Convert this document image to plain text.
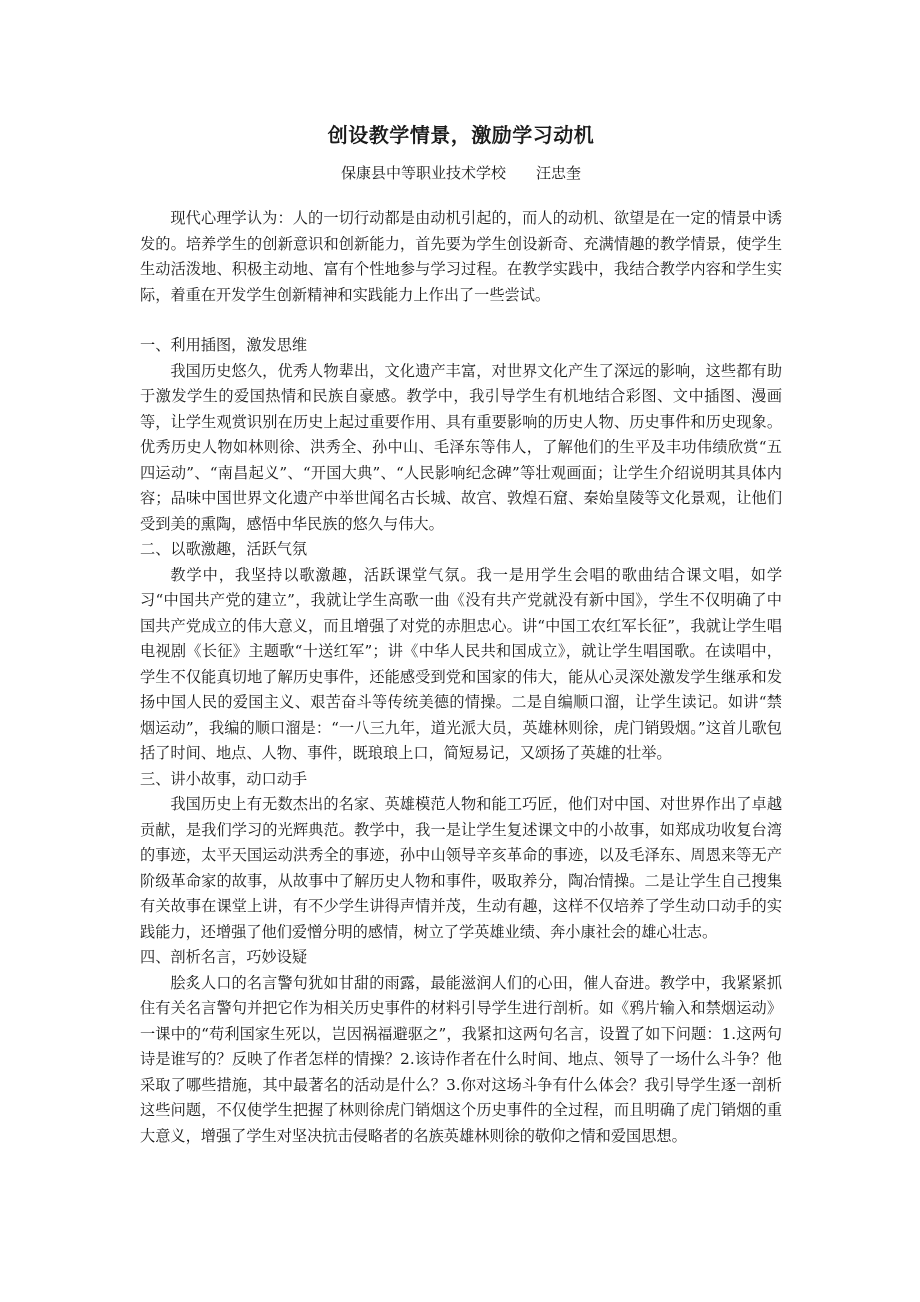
创设教学情景，激励学习动机
保康县中等职业技术学校 汪忠奎

现代心理学认为：人的一切行动都是由动机引起的，而人的动机、欲望是在一定的情景中诱发的。培养学生的创新意识和创新能力，首先要为学生创设新奇、充满情趣的教学情景，使学生生动活泼地、积极主动地、富有个性地参与学习过程。在教学实践中，我结合教学内容和学生实际，着重在开发学生创新精神和实践能力上作出了一些尝试。

一、利用插图，激发思维

我国历史悠久，优秀人物辈出，文化遗产丰富，对世界文化产生了深远的影响，这些都有助于激发学生的爱国热情和民族自豪感。教学中，我引导学生有机地结合彩图、文中插图、漫画等，让学生观赏识别在历史上起过重要作用、具有重要影响的历史人物、历史事件和历史现象。优秀历史人物如林则徐、洪秀全、孙中山、毛泽东等伟人，了解他们的生平及丰功伟绩欣赏“五四运动”、“南昌起义”、“开国大典”、“人民影响纪念碑”等壮观画面；让学生介绍说明其具体内容；品味中国世界文化遗产中举世闻名古长城、故宫、敦煌石窟、秦始皇陵等文化景观，让他们受到美的熏陶，感悟中华民族的悠久与伟大。

二、以歌激趣，活跃气氛

教学中，我坚持以歌激趣，活跃课堂气氛。我一是用学生会唱的歌曲结合课文唱，如学习“中国共产党的建立”，我就让学生高歌一曲《没有共产党就没有新中国》，学生不仅明确了中国共产党成立的伟大意义，而且增强了对党的赤胆忠心。讲“中国工农红军长征”，我就让学生唱电视剧《长征》主题歌“十送红军”；讲《中华人民共和国成立》，就让学生唱国歌。在读唱中，学生不仅能真切地了解历史事件，还能感受到党和国家的伟大，能从心灵深处激发学生继承和发扬中国人民的爱国主义、艰苦奋斗等传统美德的情操。二是自编顺口溜，让学生读记。如讲“禁烟运动”，我编的顺口溜是：“一八三九年，道光派大员，英雄林则徐，虎门销毁烟。”这首儿歌包括了时间、地点、人物、事件，既琅琅上口，简短易记，又颂扬了英雄的壮举。

三、讲小故事，动口动手

我国历史上有无数杰出的名家、英雄模范人物和能工巧匠，他们对中国、对世界作出了卓越贡献，是我们学习的光辉典范。教学中，我一是让学生复述课文中的小故事，如郑成功收复台湾的事迹，太平天国运动洪秀全的事迹，孙中山领导辛亥革命的事迹，以及毛泽东、周恩来等无产阶级革命家的故事，从故事中了解历史人物和事件，吸取养分，陶冶情操。二是让学生自己搜集有关故事在课堂上讲，有不少学生讲得声情并茂，生动有趣，这样不仅培养了学生动口动手的实践能力，还增强了他们爱憎分明的感情，树立了学英雄业绩、奔小康社会的雄心壮志。

四、剖析名言，巧妙设疑

脍炙人口的名言警句犹如甘甜的雨露，最能滋润人们的心田，催人奋进。教学中，我紧紧抓住有关名言警句并把它作为相关历史事件的材料引导学生进行剖析。如《鸦片输入和禁烟运动》一课中的“苟利国家生死以，岂因祸福避驱之”，我紧扣这两句名言，设置了如下问题：1.这两句诗是谁写的？反映了作者怎样的情操？2.该诗作者在什么时间、地点、领导了一场什么斗争？他采取了哪些措施，其中最著名的活动是什么？3.你对这场斗争有什么体会？我引导学生逐一剖析这些问题，不仅使学生把握了林则徐虎门销烟这个历史事件的全过程，而且明确了虎门销烟的重大意义，增强了学生对坚决抗击侵略者的名族英雄林则徐的敬仰之情和爱国思想。
